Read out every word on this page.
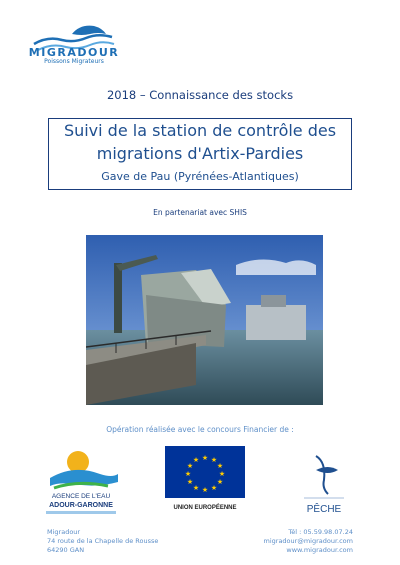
MIGRADOUR
Poissons Migrateurs
2018 – Connaissance des stocks
Suivi de la station de contrôle des
migrations d'Artix-Pardies
Gave de Pau (Pyrénées-Atlantiques)
En partenariat avec SHIS
Opération réalisée avec le concours Financier de :
AGENCE DE L'EAU
ADOUR-GARONNE
★ ★
★
★
★
★
★
★
★
★
★
★
UNION EUROPÉENNE	PÊCHE
Migradour
74 route de la Chapelle de Rousse
64290 GAN
Tél : 05.59.98.07.24
migradour@migradour.com
www.migradour.com
